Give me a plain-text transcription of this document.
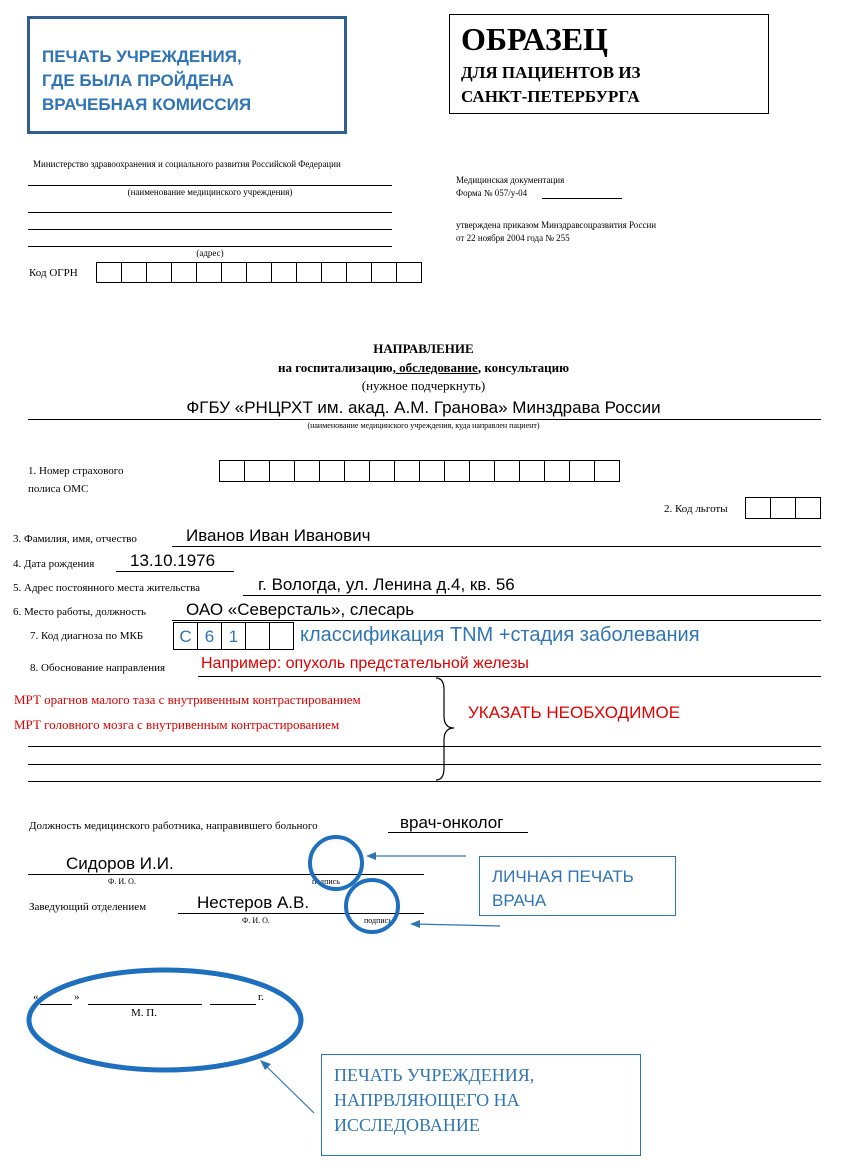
ПЕЧАТЬ УЧРЕЖДЕНИЯ,
ГДЕ БЫЛА ПРОЙДЕНА
ВРАЧЕБНАЯ КОМИССИЯ
ОБРАЗЕЦ
ДЛЯ ПАЦИЕНТОВ ИЗ
САНКТ-ПЕТЕРБУРГА
Министерство здравоохранения и социального развития Российской Федерации
(наименование медицинского учреждения)
(адрес)
Код ОГРН
Медицинская документация
Форма № 057/у-04
утверждена приказом Минздравсоцразвития России
от 22 ноября 2004 года № 255
НАПРАВЛЕНИЕ
на госпитализацию, обследование, консультацию
(нужное подчеркнуть)
ФГБУ «РНЦРХТ им. акад. А.М. Гранова» Минздрава России
(наименование медицинского учреждения, куда направлен пациент)
1. Номер страхового
полиса ОМС
2. Код льготы
3. Фамилия, имя, отчество	Иванов Иван Иванович
4. Дата рождения 13.10.1976
5. Адрес постоянного места жительства	г. Вологда, ул. Ленина д.4, кв. 56
6. Место работы, должность ОАО «Северсталь», слесарь
7. Код диагноза по МКБ	С 6 1	классификация TNM +стадия заболевания
8. Обоснование направления Например: опухоль предстательной железы
МРТ орагнов малого таза с внутривенным контрастированием
МРТ головного мозга с внутривенным контрастированием
УКАЗАТЬ НЕОБХОДИМОЕ
Должность медицинского работника, направившего больного	врач-онколог
Сидоров И.И.
Ф. И. О.	подпись
Заведующий отделением	Нестеров А.В.
Ф. И. О.	подпись
«	»	г.
М. П.
ЛИЧНАЯ ПЕЧАТЬ
ВРАЧА
ПЕЧАТЬ УЧРЕЖДЕНИЯ,
НАПРВЛЯЮЩЕГО НА
ИССЛЕДОВАНИЕ
